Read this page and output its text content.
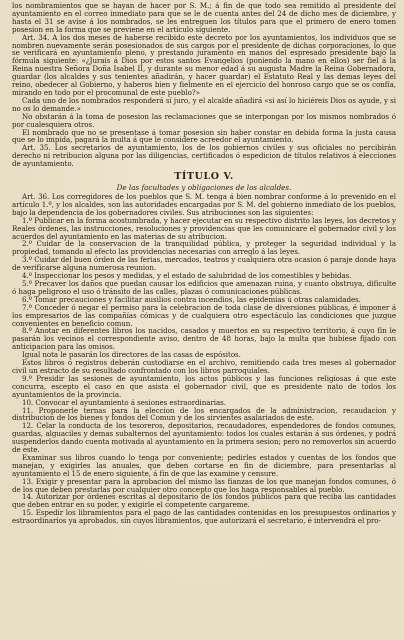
los nombramientos que se hayan de hacer por S. M.; á fin de que todo sea remitido al presidente del ayuntamiento en el correo inmediato para que se le de cuenta antes del 24 de dicho mes de diciembre, y hasta el 31 se avise á los nombrados, se les entreguen los títulos para que el primero de enero tomen posesion en la forma que se previene en el artículo siguiente.

Art. 34. A los dos meses de haberse recibido este decreto por los ayuntamientos, los individuos que se nombren nuevamente serán posesionados de sus cargos por el presidente de dichas corporaciones, lo que se verificará en ayuntamiento pleno, y prestando juramento en manos del espresado presidente bajo la fórmula siguiente: «¿Jurais á Dios por estos santos Evangelios (poniendo la mano en ellos) ser fiel á la Reina nuestra Señora Doña Isabel II, y durante su menor edad á su augusta Madre la Reina Gobernadora, guardar (los alcaldes y sus tenientes añadirán, y hacer guardar) el Estatuto Real y las demas leyes del reino, obedecer al Gobierno, y haberos bien y fielmente en el ejercicio del honroso cargo que se os confía, mirando en todo por el procomunal de este pueblo?»

Cada uno de los nombrados responderá sí juro, y el alcalde añadirá «si así lo hiciéreis Dios os ayude, y si no os lo demande.»

No obstarán á la toma de posesion las reclamaciones que se interpongan por los mismos nombrados ó por cualesquiera otros.

El nombrado que no se presentase á tomar posesion sin haber constar en debida forma la justa causa que se lo impida, pagará la multa á que le considere acreedor el ayuntamiento.

Art. 35. Los secretarios de ayuntamiento, los de los gobiernos civiles y sus oficiales no percibirán derecho ni retribucion alguna por las diligencias, certificados ó espedicion de títulos relativos á elecciones de ayuntamiento.

TÍTULO V.
De las facultades y obligaciones de los alcaldes.

Art. 36. Los corregidores de los pueblos que S. M. tenga á bien nombrar conforme á lo prevenido en el artículo 1.º, y los alcaldes, son las autoridades encargadas por S. M. del gobierno inmediato de los pueblos, bajo la dependencia de los gobernadores civiles. Sus atribuciones son las siguientes:

1.º Publicar en la forma acostumbrada, y hacer ejecutar en su respectivo distrito las leyes, los decretos y Reales órdenes, las instrucciones, resoluciones y providencias que les comunicare el gobernador civil y los acuerdos del ayuntamiento en las materias de su atribucion.

2.º Cuidar de la conservacion de la tranquilidad pública, y proteger la seguridad individual y la propiedad, tomando al efecto las providencias necesarias con arreglo á las leyes.

3.º Cuidar del buen órden de las ferias, mercados, teatros y cualquiera otra ocasion ó paraje donde haya de verificarse alguna numerosa reunion.

4.º Inspeccionar los pesos y medidas, y el estado de salubridad de los comestibles y bebidas.

5.º Precaver los daños que puedan causar los edificios que amenazan ruina, y cuanto obstruya, dificulte ó haga peligroso el uso ó tránsito de las calles, plazas ó comunicaciones públicas.

6.º Tomar precauciones y facilitar ausilios contra incendios, las epidemias ú otras calamidades.

7.º Conceder ó negar el permiso para la celebracion de toda clase de diversiones públicas, é imponer á los empresarios de las compañías cómicas y de cualquiera otro espectáculo las condiciones que juzgue convenientes en beneficio comun.

8.º Anotar en diferentes libros los nacidos, casados y muertos en su respectivo territorio, á cuyo fin le pasarán los vecinos el correspondiente aviso, dentro de 48 horas, bajo la multa que hubiese fijado con anticipacion para las omisos.

Igual nota le pasarán los directores de las casas de espósitos.

Estos libros ó registros deberán custodiarse en el archivo, remitiendo cada tres meses al gobernador civil un estracto de su resultado confrontado con los libros parroquiales.

9.º Presidir las sesiones de ayuntamiento, los actos públicos y las funciones religiosas á que este concurra, escepto el caso en que asista el gobernador civil, que es presidente nato de todos los ayuntamientos de la provincia.

10. Convocar el ayuntamiento á sesiones estraordinarias.

11. Proponerle ternas para la eleccion de los encargados de la administracion, recaudacion y distribucion de los bienes y fondos del Comun y de los sirvientes asalariados de este.

12. Celar la conducta de los tesoreros, depositarios, recaudadores, espendedores de fondos comunes, guardas, alguaciles y demas subalternos del ayuntamiento: todos los cuales estarán á sus órdenes, y podrá suspenderlos dando cuenta motivada al ayuntamiento en la primera sesion; pero no removerlos sin acuerdo de este.

Examinar sus libros cuando lo tenga por conveniente; pedirles estados y cuentas de los fondos que manejan, y exigirles las anuales, que deben cortarse en fin de diciembre, para presentarlas al ayuntamiento el 15 de enero siguiente, á fin de que las examine y censure.

13. Exigir y presentar para la aprobacion del mismo las fianzas de los que manejan fondos comunes, ó de los que deben prestarlas por cualquier otro concepto que los haga responsables al pueblo.

14. Autorizar por órdenes escritas al depositario de los fondos públicos para que reciba las cantidades que deben entrar en su poder, y exigirle el competente cargareme.

15. Espedir los libramientos para el pago de las cantidades contenidas en los presupuestos ordinarios y estraordinarios ya aprobados, sin cuyos libramientos, que autorizará el secretario, é intervendrá el pro-
